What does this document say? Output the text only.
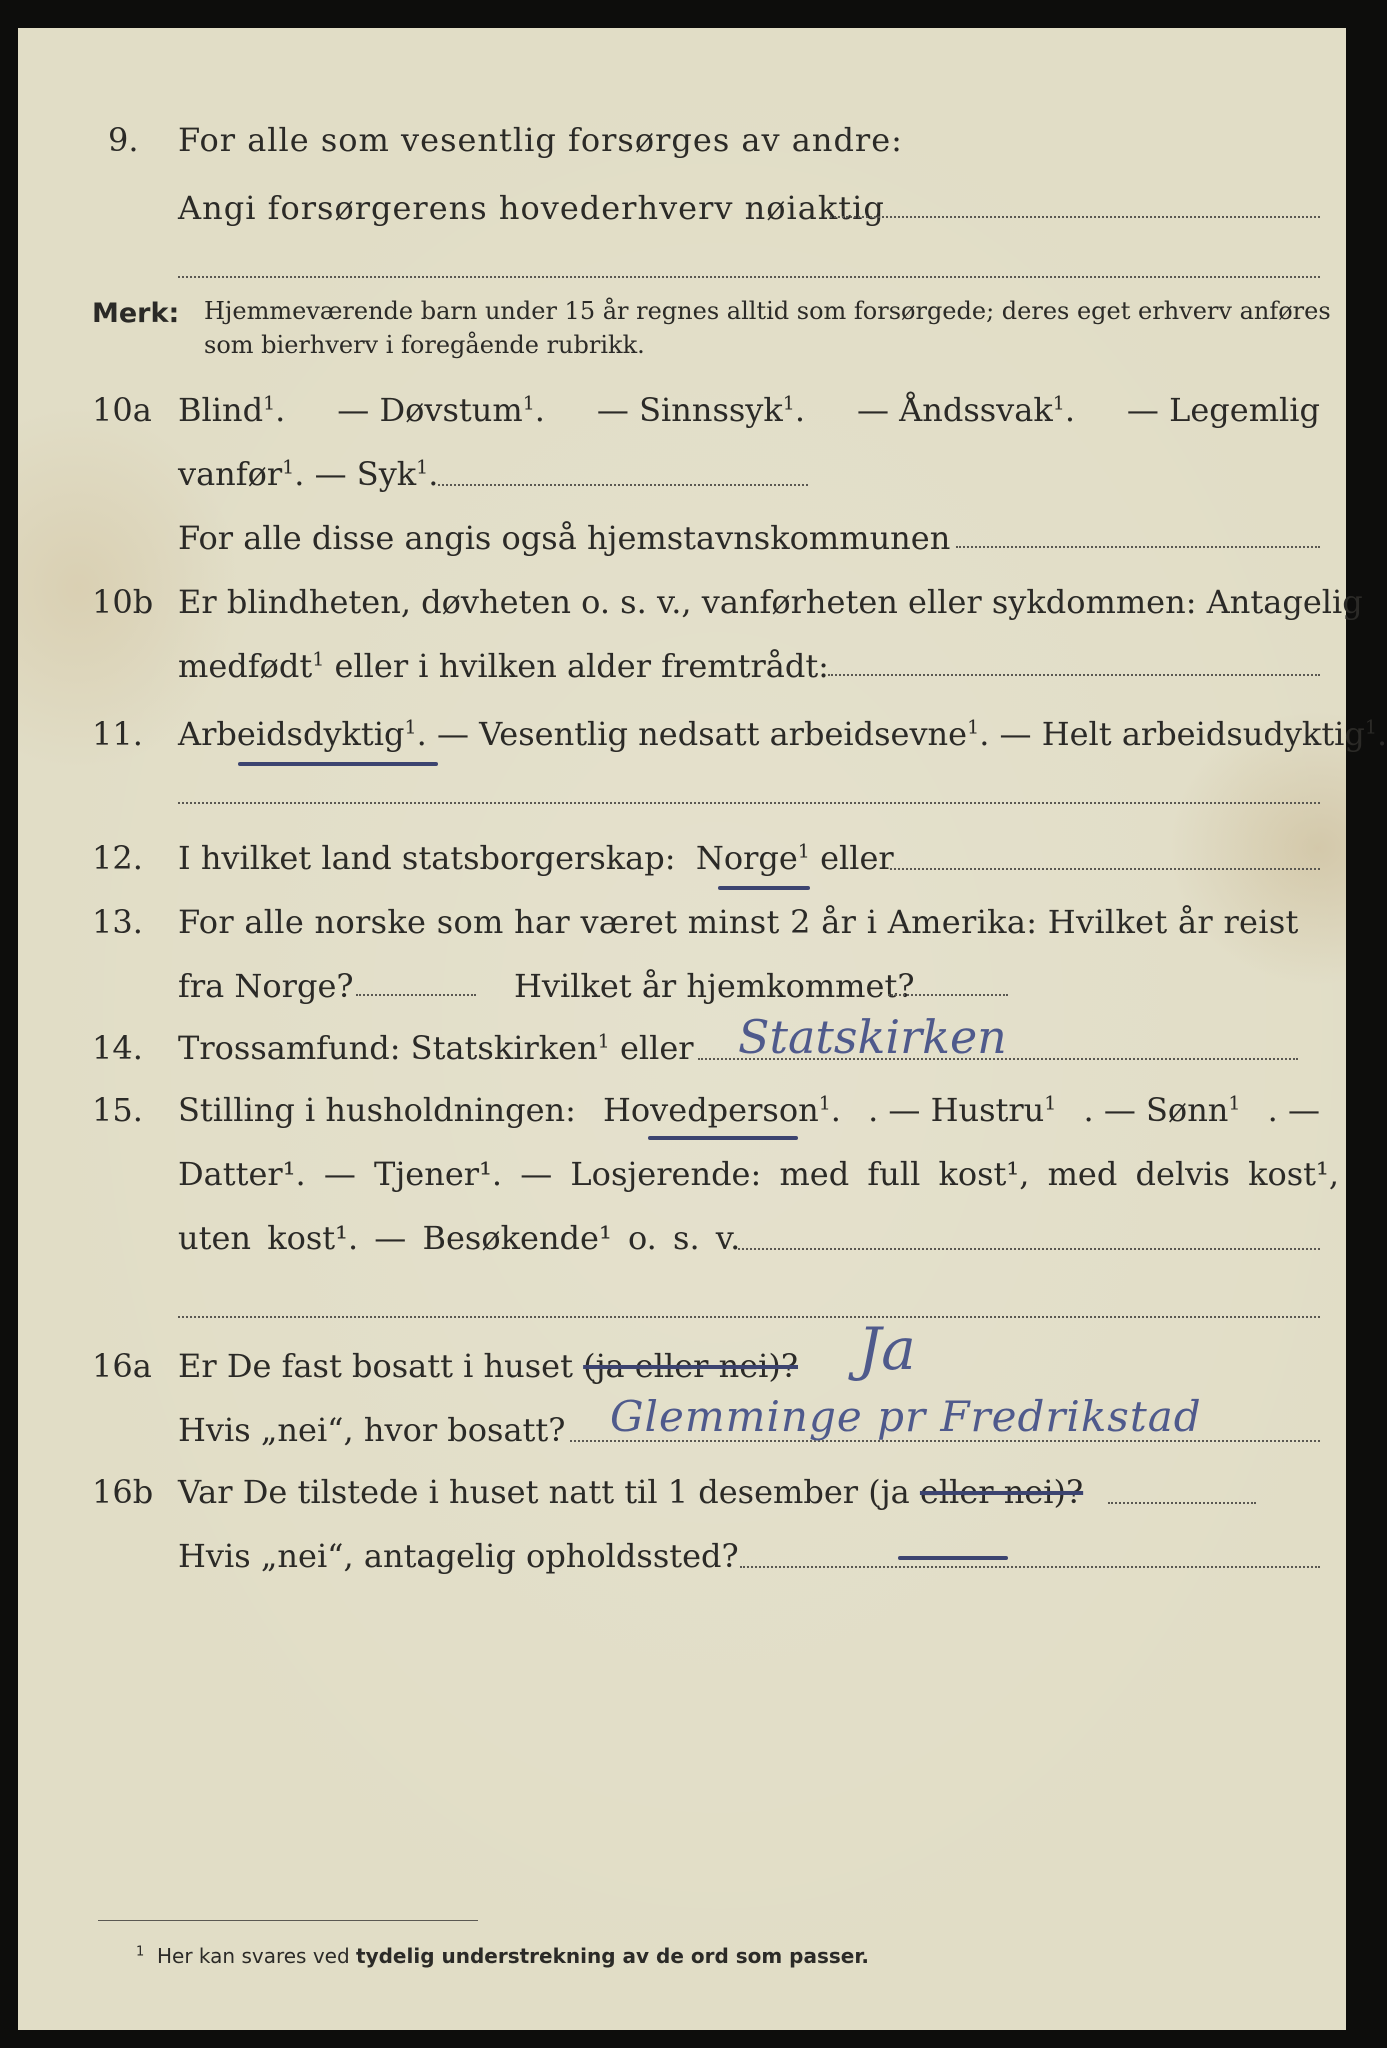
9. For alle som vesentlig forsørges av andre:
Angi forsørgerens hovederhverv nøiaktig
Merk: Hjemmeværende barn under 15 år regnes alltid som forsørgede; deres eget erhverv anføres som bierhverv i foregående rubrikk.
10a Blind$^1$. — Døvstum$^1$. — Sinnssyk$^1$. — Åndssvak$^1$. — Legemlig
vanfør$^1$. — Syk$^1$.
For alle disse angis også hjemstavnskommunen
10b Er blindheten, døvheten o. s. v., vanførheten eller sykdommen: Antagelig
medfødt$^1$ eller i hvilken alder fremtrådt:
11. Arbeidsdyktig$^1$. — Vesentlig nedsatt arbeidsevne$^1$. — Helt arbeidsudyktig$^1$.
12. I hvilket land statsborgerskap: Norge$^1$ eller
13. For alle norske som har været minst 2 år i Amerika: Hvilket år reist
fra Norge?	Hvilket år hjemkommet?
14. Trossamfund: Statskirken$^1$ eller Statskirken
15. Stilling i husholdningen: Hovedperson$^1$. . — Hustru$^1$ . — Sønn$^1$ . —
Datter¹. — Tjener¹. — Losjerende: med full kost¹, med delvis kost¹,
uten kost¹. — Besøkende¹ o. s. v.
16a Er De fast bosatt i huset (ja eller nei)? Ja
Hvis „nei“, hvor bosatt? Glemminge pr Fredrikstad
16b Var De tilstede i huset natt til 1 desember (ja eller nei)?
Hvis „nei“, antagelig opholdssted?
$^1$ Her kan svares ved tydelig understrekning av de ord som passer.
